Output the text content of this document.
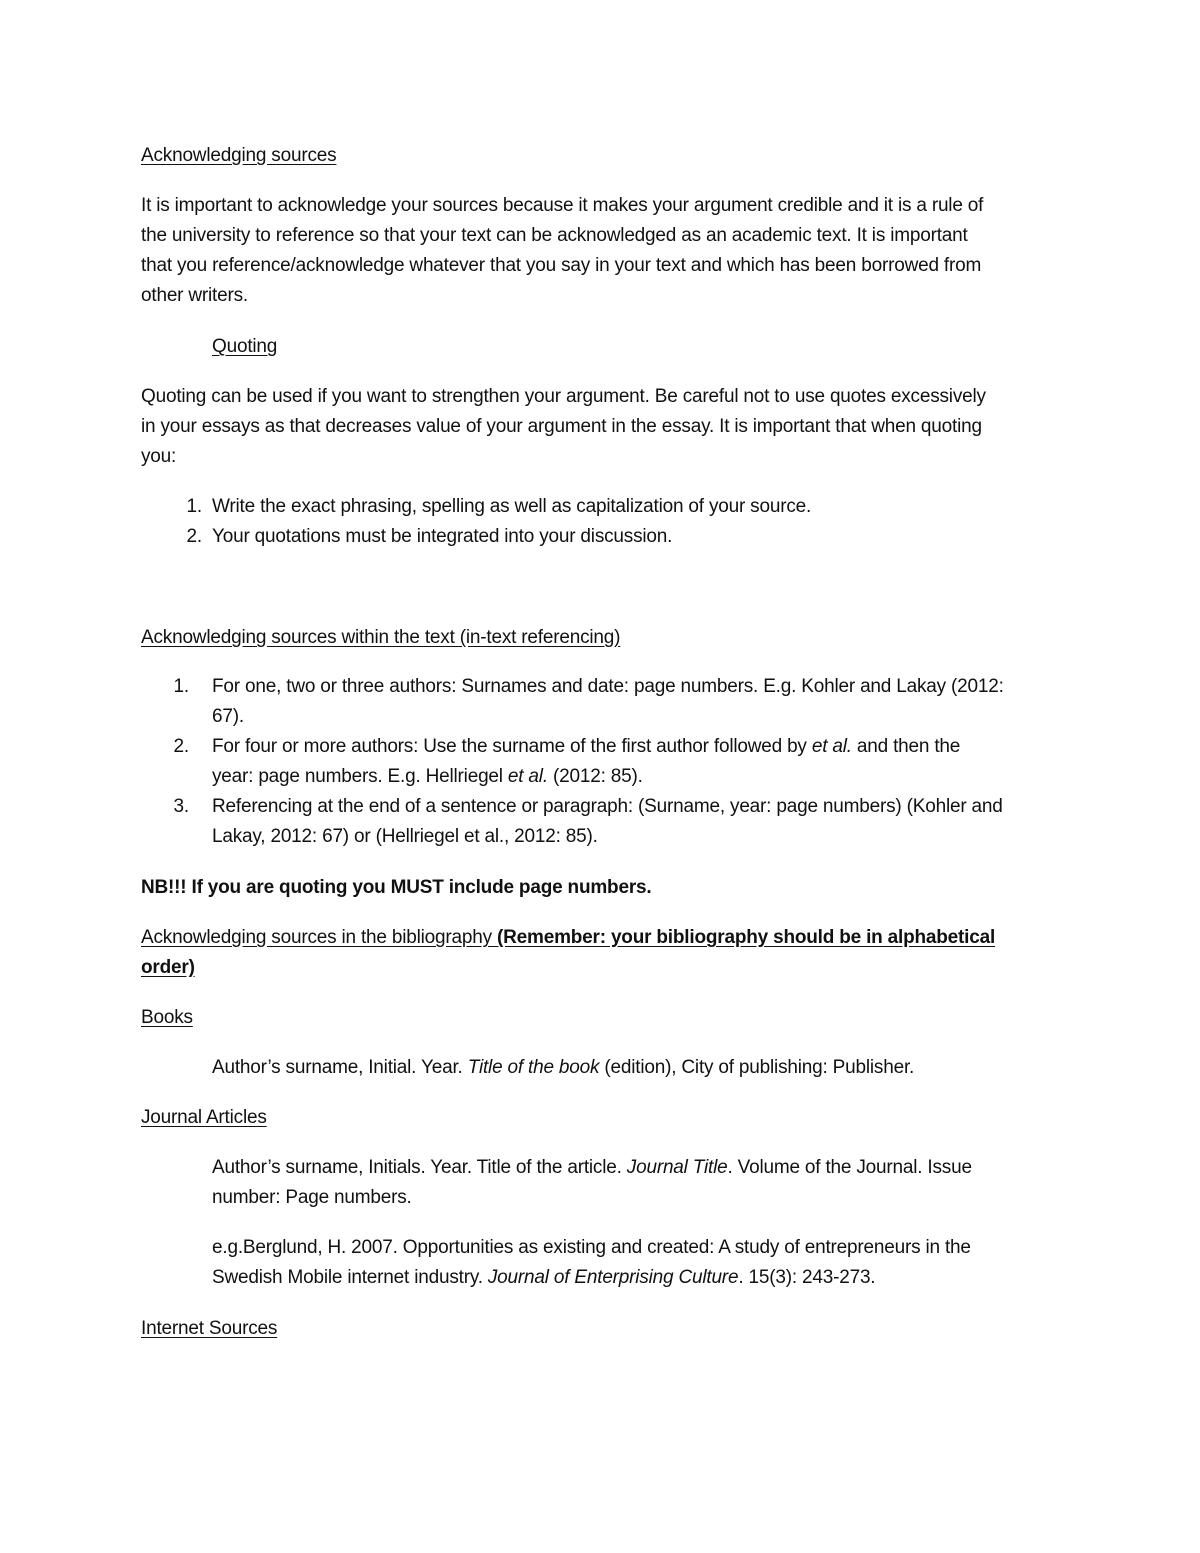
Acknowledging sources
It is important to acknowledge your sources because it makes your argument credible and it is a rule of
the university to reference so that your text can be acknowledged as an academic text. It is important
that you reference/acknowledge whatever that you say in your text and which has been borrowed from
other writers.
Quoting
Quoting can be used if you want to strengthen your argument. Be careful not to use quotes excessively
in your essays as that decreases value of your argument in the essay. It is important that when quoting
you:
1. Write the exact phrasing, spelling as well as capitalization of your source.
2. Your quotations must be integrated into your discussion.
Acknowledging sources within the text (in-text referencing)
1. For one, two or three authors: Surnames and date: page numbers. E.g. Kohler and Lakay (2012:
67).
2. For four or more authors: Use the surname of the first author followed by et al. and then the
year: page numbers. E.g. Hellriegel et al. (2012: 85).
3. Referencing at the end of a sentence or paragraph: (Surname, year: page numbers) (Kohler and
Lakay, 2012: 67) or (Hellriegel et al., 2012: 85).
NB!!! If you are quoting you MUST include page numbers.
Acknowledging sources in the bibliography (Remember: your bibliography should be in alphabetical
order)
Books
Author’s surname, Initial. Year. Title of the book (edition), City of publishing: Publisher.
Journal Articles
Author’s surname, Initials. Year. Title of the article. Journal Title. Volume of the Journal. Issue
number: Page numbers.
e.g.Berglund, H. 2007. Opportunities as existing and created: A study of entrepreneurs in the
Swedish Mobile internet industry. Journal of Enterprising Culture. 15(3): 243-273.
Internet Sources
